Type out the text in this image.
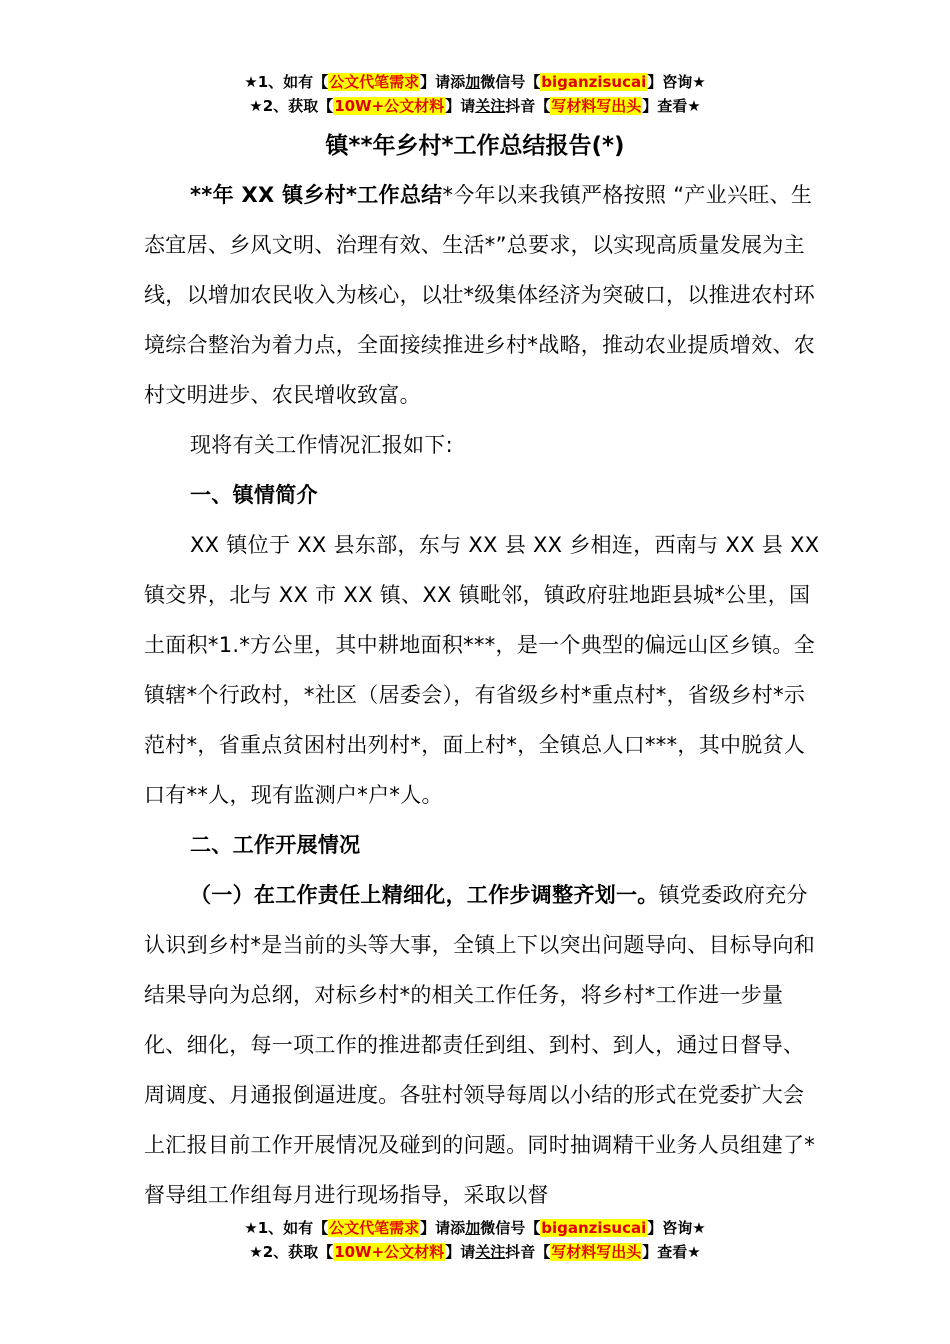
★1、如有【公文代笔需求】请添加微信号【biganzisucai】咨询★
★2、获取【10W+公文材料】请关注抖音【写材料写出头】查看★
镇**年乡村*工作总结报告(*)

**年 XX 镇乡村*工作总结*今年以来我镇严格按照 “产业兴旺、生态宜居、乡风文明、治理有效、生活*”总要求，以实现高质量发展为主线，以增加农民收入为核心，以壮*级集体经济为突破口，以推进农村环境综合整治为着力点，全面接续推进乡村*战略，推动农业提质增效、农村文明进步、农民增收致富。

现将有关工作情况汇报如下:

一、镇情简介

XX 镇位于 XX 县东部，东与 XX 县 XX 乡相连，西南与 XX 县 XX 镇交界，北与 XX 市 XX 镇、XX 镇毗邻，镇政府驻地距县城*公里，国土面积*1.*方公里，其中耕地面积***，是一个典型的偏远山区乡镇。全镇辖*个行政村，*社区（居委会），有省级乡村*重点村*，省级乡村*示范村*，省重点贫困村出列村*，面上村*，全镇总人口***，其中脱贫人口有**人，现有监测户*户*人。

二、工作开展情况

（一）在工作责任上精细化，工作步调整齐划一。镇党委政府充分认识到乡村*是当前的头等大事，全镇上下以突出问题导向、目标导向和结果导向为总纲，对标乡村*的相关工作任务，将乡村*工作进一步量化、细化，每一项工作的推进都责任到组、到村、到人，通过日督导、周调度、月通报倒逼进度。各驻村领导每周以小结的形式在党委扩大会上汇报目前工作开展情况及碰到的问题。同时抽调精干业务人员组建了*督导组工作组每月进行现场指导，采取以督

★1、如有【公文代笔需求】请添加微信号【biganzisucai】咨询★
★2、获取【10W+公文材料】请关注抖音【写材料写出头】查看★
